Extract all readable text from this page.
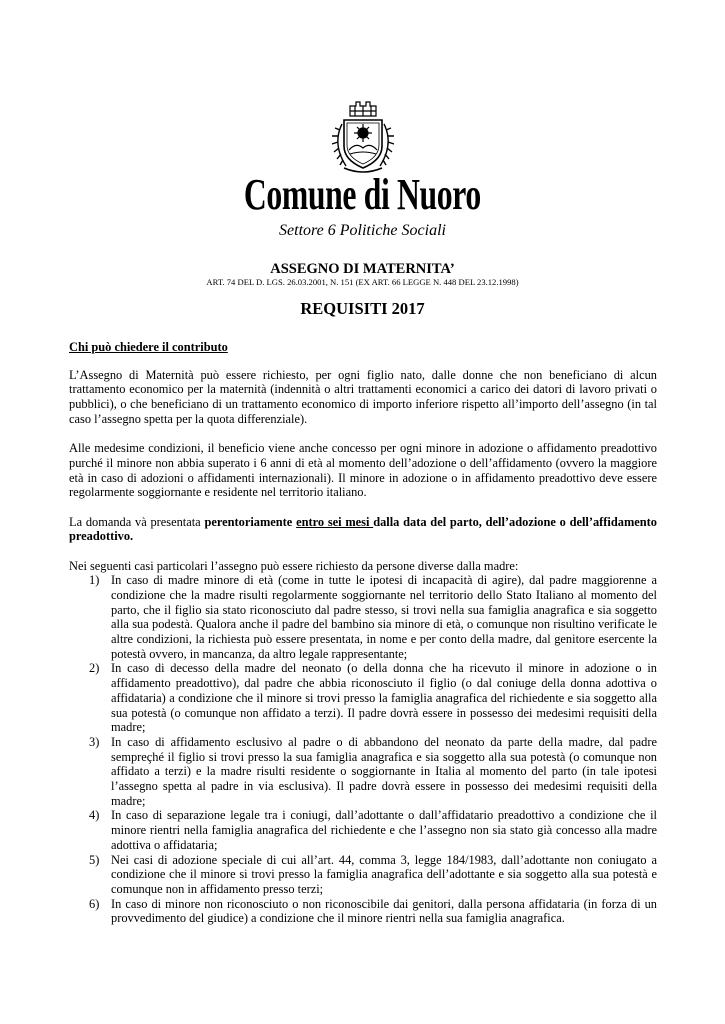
Comune di Nuoro
Settore 6 Politiche Sociali
ASSEGNO DI MATERNITA’
ART. 74 DEL D. LGS. 26.03.2001, N. 151 (EX ART. 66 LEGGE N. 448 DEL 23.12.1998)
REQUISITI 2017

Chi può chiedere il contributo

L’Assegno di Maternità può essere richiesto, per ogni figlio nato, dalle donne che non beneficiano di alcun trattamento economico per la maternità (indennità o altri trattamenti economici a carico dei datori di lavoro privati o pubblici), o che beneficiano di un trattamento economico di importo inferiore rispetto all’importo dell’assegno (in tal caso l’assegno spetta per la quota differenziale).

Alle medesime condizioni, il beneficio viene anche concesso per ogni minore in adozione o affidamento preadottivo purché il minore non abbia superato i 6 anni di età al momento dell’adozione o dell’affidamento (ovvero la maggiore età in caso di adozioni o affidamenti internazionali). Il minore in adozione o in affidamento preadottivo deve essere regolarmente soggiornante e residente nel territorio italiano.

La domanda và presentata perentoriamente entro sei mesi dalla data del parto, dell’adozione o dell’affidamento preadottivo.

Nei seguenti casi particolari l’assegno può essere richiesto da persone diverse dalla madre:

1) In caso di madre minore di età (come in tutte le ipotesi di incapacità di agire), dal padre maggiorenne a condizione che la madre risulti regolarmente soggiornante nel territorio dello Stato Italiano al momento del parto, che il figlio sia stato riconosciuto dal padre stesso, si trovi nella sua famiglia anagrafica e sia soggetto alla sua podestà. Qualora anche il padre del bambino sia minore di età, o comunque non risultino verificate le altre condizioni, la richiesta può essere presentata, in nome e per conto della madre, dal genitore esercente la potestà ovvero, in mancanza, da altro legale rappresentante;
2) In caso di decesso della madre del neonato (o della donna che ha ricevuto il minore in adozione o in affidamento preadottivo), dal padre che abbia riconosciuto il figlio (o dal coniuge della donna adottiva o affidataria) a condizione che il minore si trovi presso la famiglia anagrafica del richiedente e sia soggetto alla sua potestà (o comunque non affidato a terzi). Il padre dovrà essere in possesso dei medesimi requisiti della madre;
3) In caso di affidamento esclusivo al padre o di abbandono del neonato da parte della madre, dal padre sempreçhé il figlio si trovi presso la sua famiglia anagrafica e sia soggetto alla sua potestà (o comunque non affidato a terzi) e la madre risulti residente o soggiornante in Italia al momento del parto (in tale ipotesi l’assegno spetta al padre in via esclusiva). Il padre dovrà essere in possesso dei medesimi requisiti della madre;
4) In caso di separazione legale tra i coniugi, dall’adottante o dall’affidatario preadottivo a condizione che il minore rientri nella famiglia anagrafica del richiedente e che l’assegno non sia stato già concesso alla madre adottiva o affidataria;
5) Nei casi di adozione speciale di cui all’art. 44, comma 3, legge 184/1983, dall’adottante non coniugato a condizione che il minore si trovi presso la famiglia anagrafica dell’adottante e sia soggetto alla sua potestà e comunque non in affidamento presso terzi;
6) In caso di minore non riconosciuto o non riconoscibile dai genitori, dalla persona affidataria (in forza di un provvedimento del giudice) a condizione che il minore rientri nella sua famiglia anagrafica.
